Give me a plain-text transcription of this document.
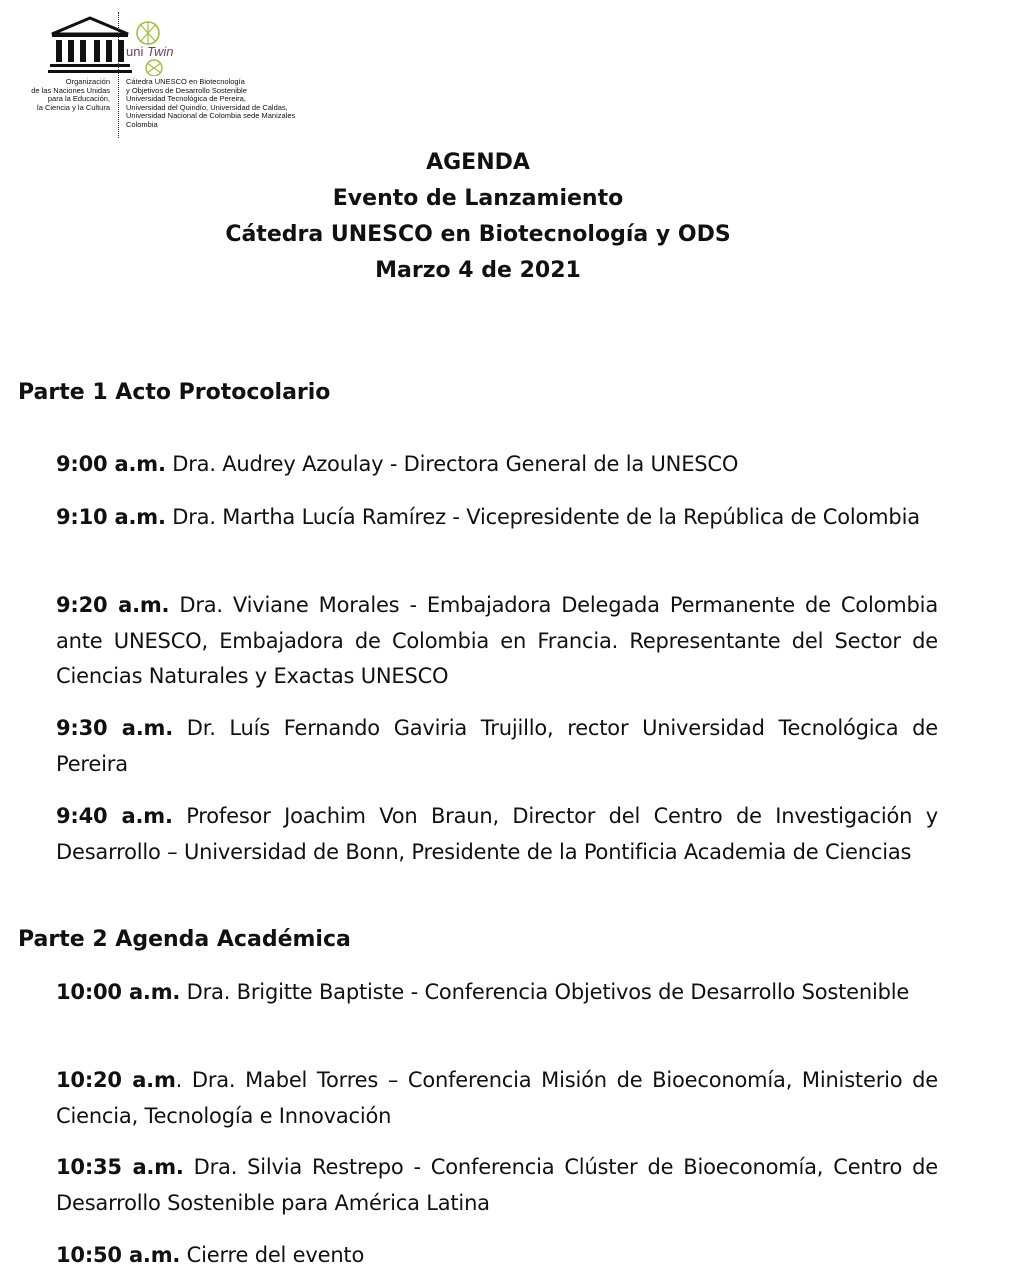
Organización
de las Naciones Unidas
para la Educación,
la Ciencia y la Cultura
uni Twin
Cátedra UNESCO en Biotecnología
y Objetivos de Desarrollo Sostenible
Universidad Tecnológica de Pereira,
Universidad del Quindío, Universidad de Caldas,
Universidad Nacional de Colombia sede Manizales
Colombia
AGENDA
Evento de Lanzamiento
Cátedra UNESCO en Biotecnología y ODS
Marzo 4 de 2021
Parte 1 Acto Protocolario
9:00 a.m. Dra. Audrey Azoulay - Directora General de la UNESCO
9:10 a.m. Dra. Martha Lucía Ramírez - Vicepresidente de la República de Colombia
9:20 a.m. Dra. Viviane Morales - Embajadora Delegada Permanente de Colombia ante UNESCO, Embajadora de Colombia en Francia. Representante del Sector de Ciencias Naturales y Exactas UNESCO
9:30 a.m. Dr. Luís Fernando Gaviria Trujillo, rector Universidad Tecnológica de Pereira
9:40 a.m. Profesor Joachim Von Braun, Director del Centro de Investigación y Desarrollo – Universidad de Bonn, Presidente de la Pontificia Academia de Ciencias
Parte 2 Agenda Académica
10:00 a.m. Dra. Brigitte Baptiste - Conferencia Objetivos de Desarrollo Sostenible
10:20 a.m. Dra. Mabel Torres – Conferencia Misión de Bioeconomía, Ministerio de Ciencia, Tecnología e Innovación
10:35 a.m. Dra. Silvia Restrepo - Conferencia Clúster de Bioeconomía, Centro de Desarrollo Sostenible para América Latina
10:50 a.m. Cierre del evento
